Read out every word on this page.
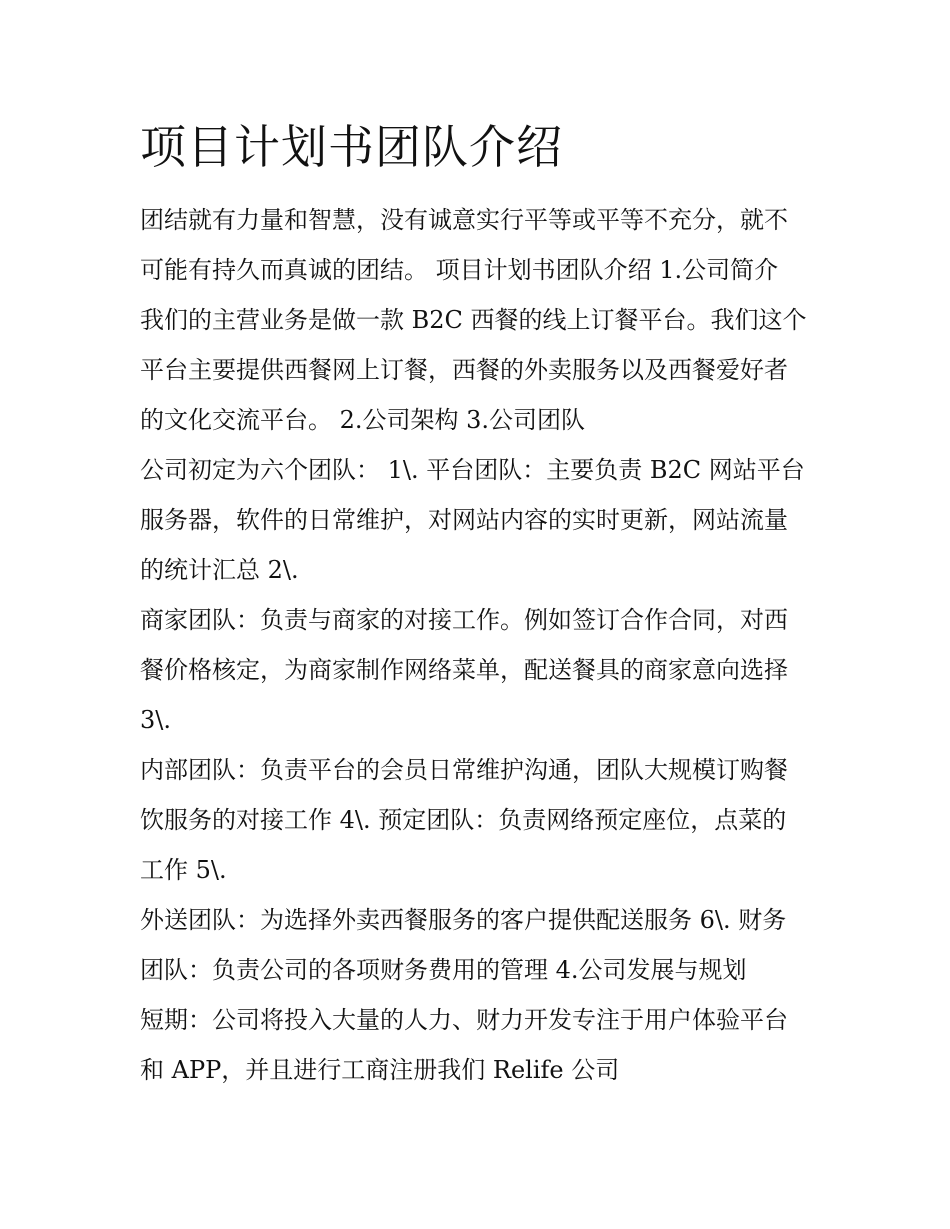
项目计划书团队介绍

团结就有力量和智慧，没有诚意实行平等或平等不充分，就不

可能有持久而真诚的团结。 项目计划书团队介绍 1.公司简介

我们的主营业务是做一款 B2C 西餐的线上订餐平台。我们这个

平台主要提供西餐网上订餐，西餐的外卖服务以及西餐爱好者

的文化交流平台。 2.公司架构 3.公司团队

公司初定为六个团队： 1\. 平台团队：主要负责 B2C 网站平台

服务器，软件的日常维护，对网站内容的实时更新，网站流量

的统计汇总 2\.

商家团队：负责与商家的对接工作。例如签订合作合同，对西

餐价格核定，为商家制作网络菜单，配送餐具的商家意向选择

3\.

内部团队：负责平台的会员日常维护沟通，团队大规模订购餐

饮服务的对接工作 4\. 预定团队：负责网络预定座位，点菜的

工作 5\.

外送团队：为选择外卖西餐服务的客户提供配送服务 6\. 财务

团队：负责公司的各项财务费用的管理 4.公司发展与规划

短期：公司将投入大量的人力、财力开发专注于用户体验平台

和 APP，并且进行工商注册我们 Relife 公司
